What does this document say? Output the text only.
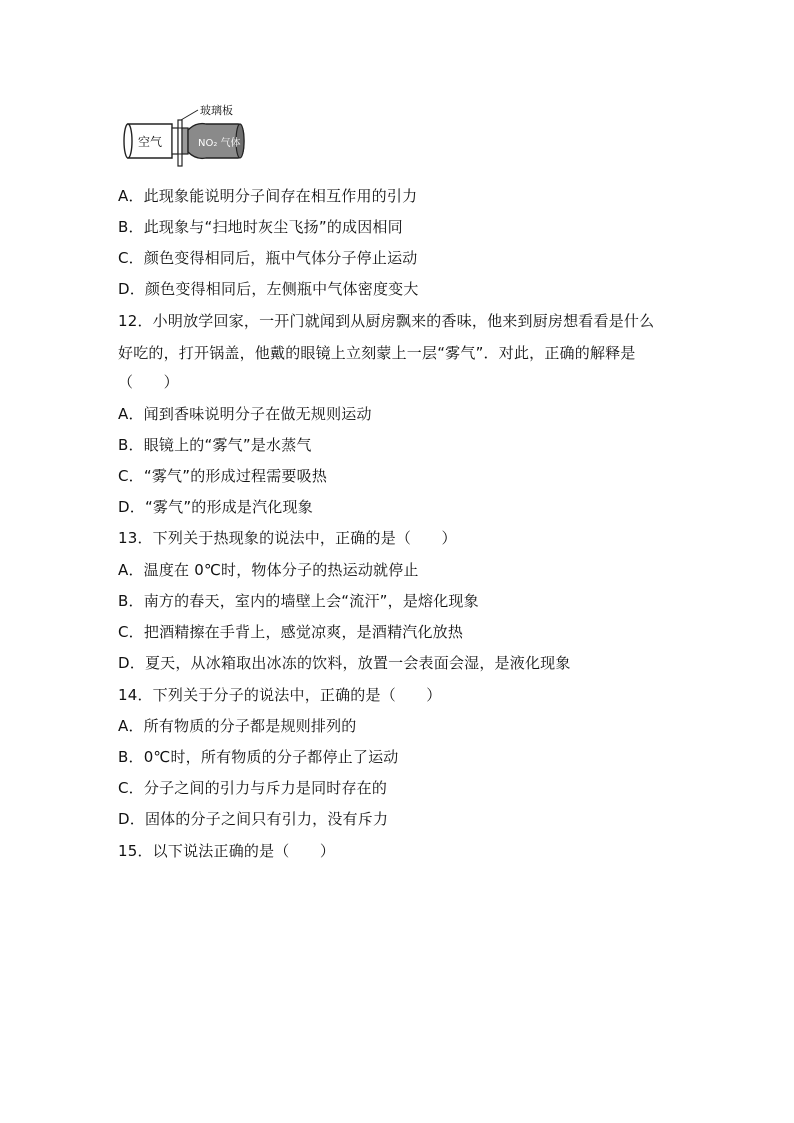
玻璃板
空气	NO₂ 气体
A．此现象能说明分子间存在相互作用的引力
B．此现象与“扫地时灰尘飞扬”的成因相同
C．颜色变得相同后，瓶中气体分子停止运动
D．颜色变得相同后，左侧瓶中气体密度变大
12．小明放学回家，一开门就闻到从厨房飘来的香味，他来到厨房想看看是什么
好吃的，打开锅盖，他戴的眼镜上立刻蒙上一层“雾气”．对此，正确的解释是
（　　）
A．闻到香味说明分子在做无规则运动
B．眼镜上的“雾气”是水蒸气
C．“雾气”的形成过程需要吸热
D．“雾气”的形成是汽化现象
13．下列关于热现象的说法中，正确的是（　　）
A．温度在 0℃时，物体分子的热运动就停止
B．南方的春天，室内的墙壁上会“流汗”，是熔化现象
C．把酒精擦在手背上，感觉凉爽，是酒精汽化放热
D．夏天，从冰箱取出冰冻的饮料，放置一会表面会湿，是液化现象
14．下列关于分子的说法中，正确的是（　　）
A．所有物质的分子都是规则排列的
B．0℃时，所有物质的分子都停止了运动
C．分子之间的引力与斥力是同时存在的
D．固体的分子之间只有引力，没有斥力
15．以下说法正确的是（　　）
